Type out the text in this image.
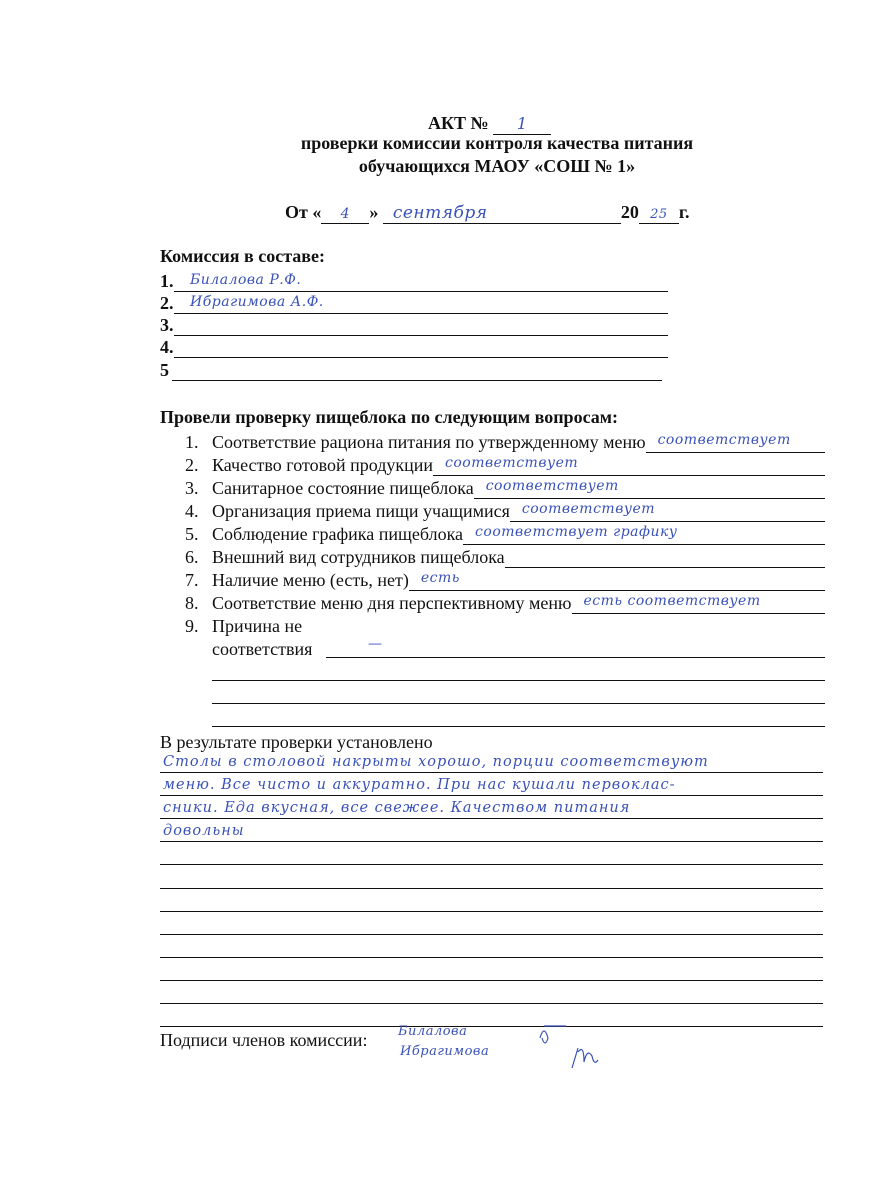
АКТ № 1
проверки комиссии контроля качества питания
обучающихся МАОУ «СОШ № 1»
От « 4 » сентября	20 25 г.
Комиссия в составе:
1. Билалова Р.Ф.
2. Ибрагимова А.Ф.
3.
4.
5
Провели проверку пищеблока по следующим вопросам:
1. Соответствие рациона питания по утвержденному меню соответствует
2. Качество готовой продукции соответствует
3. Санитарное состояние пищеблока соответствует
4. Организация приема пищи учащимися соответствует
5. Соблюдение графика пищеблока соответствует графику
6. Внешний вид сотрудников пищеблока
7. Наличие меню (есть, нет) есть
8. Соответствие меню дня перспективному меню есть соответствует
9. Причина не
соответствия	—
В результате проверки установлено
Столы в столовой накрыты хорошо, порции соответствуют
меню. Все чисто и аккуратно. При нас кушали первоклас-
сники. Еда вкусная, все свежее. Качеством питания
довольны
Подписи членов комиссии: Билалова
Ибрагимова
